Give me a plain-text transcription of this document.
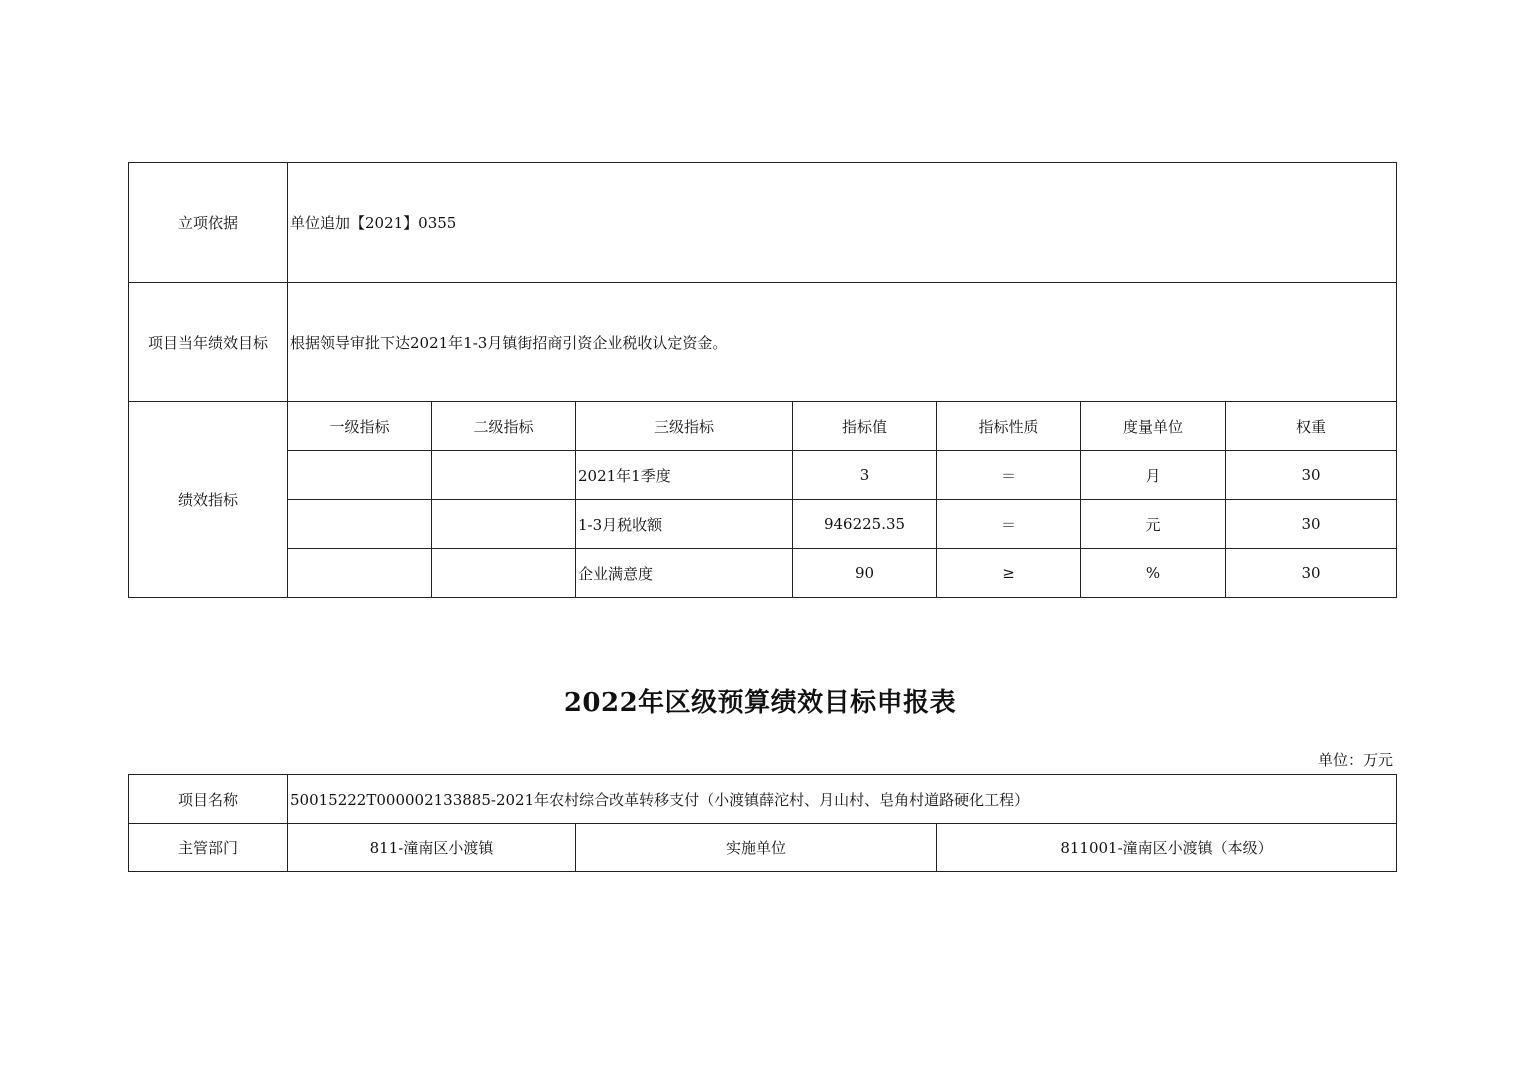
立项依据	单位追加【2021】0355						
项目当年绩效目标	根据领导审批下达2021年1-3月镇街招商引资企业税收认定资金。						
绩效指标	一级指标	二级指标	三级指标	指标值	指标性质	度量单位	权重
			2021年1季度	3	＝	月	30
			1-3月税收额	946225.35	＝	元	30
			企业满意度	90	≥	%	30
2022年区级预算绩效目标申报表
单位：万元
项目名称	50015222T000002133885-2021年农村综合改革转移支付（小渡镇薛沱村、月山村、皂角村道路硬化工程）		
主管部门	811-潼南区小渡镇	实施单位	811001-潼南区小渡镇（本级）
